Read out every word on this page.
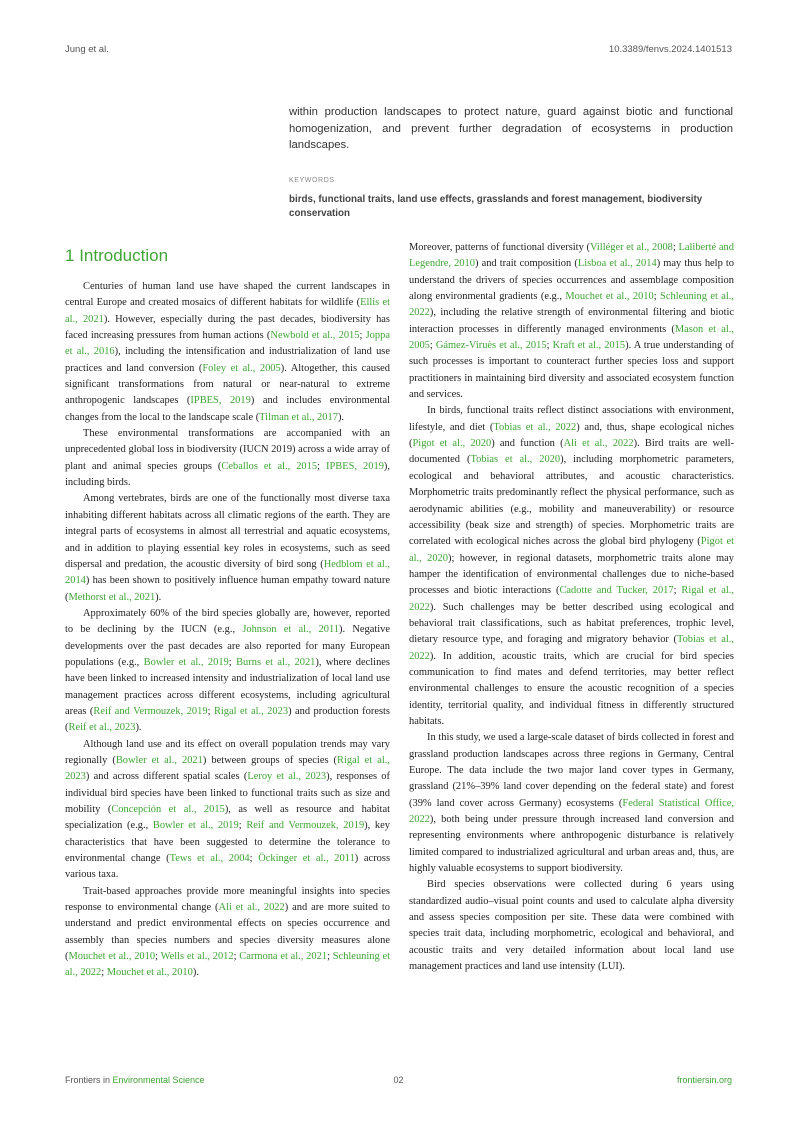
Jung et al.	10.3389/fenvs.2024.1401513
within production landscapes to protect nature, guard against biotic and functional homogenization, and prevent further degradation of ecosystems in production landscapes.
KEYWORDS
birds, functional traits, land use effects, grasslands and forest management, biodiversity conservation
1 Introduction

Centuries of human land use have shaped the current landscapes in central Europe and created mosaics of different habitats for wildlife (Ellis et al., 2021). However, especially during the past decades, biodiversity has faced increasing pressures from human actions (Newbold et al., 2015; Joppa et al., 2016), including the intensification and industrialization of land use practices and land conversion (Foley et al., 2005). Altogether, this caused significant transformations from natural or near-natural to extreme anthropogenic landscapes (IPBES, 2019) and includes environmental changes from the local to the landscape scale (Tilman et al., 2017).

These environmental transformations are accompanied with an unprecedented global loss in biodiversity (IUCN 2019) across a wide array of plant and animal species groups (Ceballos et al., 2015; IPBES, 2019), including birds.

Among vertebrates, birds are one of the functionally most diverse taxa inhabiting different habitats across all climatic regions of the earth. They are integral parts of ecosystems in almost all terrestrial and aquatic ecosystems, and in addition to playing essential key roles in ecosystems, such as seed dispersal and predation, the acoustic diversity of bird song (Hedblom et al., 2014) has been shown to positively influence human empathy toward nature (Methorst et al., 2021).

Approximately 60% of the bird species globally are, however, reported to be declining by the IUCN (e.g., Johnson et al., 2011). Negative developments over the past decades are also reported for many European populations (e.g., Bowler et al., 2019; Burns et al., 2021), where declines have been linked to increased intensity and industrialization of local land use management practices across different ecosystems, including agricultural areas (Reif and Vermouzek, 2019; Rigal et al., 2023) and production forests (Reif et al., 2023).

Although land use and its effect on overall population trends may vary regionally (Bowler et al., 2021) between groups of species (Rigal et al., 2023) and across different spatial scales (Leroy et al., 2023), responses of individual bird species have been linked to functional traits such as size and mobility (Concepción et al., 2015), as well as resource and habitat specialization (e.g., Bowler et al., 2019; Reif and Vermouzek, 2019), key characteristics that have been suggested to determine the tolerance to environmental change (Tews et al., 2004; Öckinger et al., 2011) across various taxa.

Trait-based approaches provide more meaningful insights into species response to environmental change (Ali et al., 2022) and are more suited to understand and predict environmental effects on species occurrence and assembly than species numbers and species diversity measures alone (Mouchet et al., 2010; Wells et al., 2012; Carmona et al., 2021; Schleuning et al., 2022; Mouchet et al., 2010).

Moreover, patterns of functional diversity (Villéger et al., 2008; Laliberté and Legendre, 2010) and trait composition (Lisboa et al., 2014) may thus help to understand the drivers of species occurrences and assemblage composition along environmental gradients (e.g., Mouchet et al., 2010; Schleuning et al., 2022), including the relative strength of environmental filtering and biotic interaction processes in differently managed environments (Mason et al., 2005; Gámez-Viruès et al., 2015; Kraft et al., 2015). A true understanding of such processes is important to counteract further species loss and support practitioners in maintaining bird diversity and associated ecosystem function and services.

In birds, functional traits reflect distinct associations with environment, lifestyle, and diet (Tobias et al., 2022) and, thus, shape ecological niches (Pigot et al., 2020) and function (Ali et al., 2022). Bird traits are well-documented (Tobias et al., 2020), including morphometric parameters, ecological and behavioral attributes, and acoustic characteristics. Morphometric traits predominantly reflect the physical performance, such as aerodynamic abilities (e.g., mobility and maneuverability) or resource accessibility (beak size and strength) of species. Morphometric traits are correlated with ecological niches across the global bird phylogeny (Pigot et al., 2020); however, in regional datasets, morphometric traits alone may hamper the identification of environmental challenges due to niche-based processes and biotic interactions (Cadotte and Tucker, 2017; Rigal et al., 2022). Such challenges may be better described using ecological and behavioral trait classifications, such as habitat preferences, trophic level, dietary resource type, and foraging and migratory behavior (Tobias et al., 2022). In addition, acoustic traits, which are crucial for bird species communication to find mates and defend territories, may better reflect environmental challenges to ensure the acoustic recognition of a species identity, territorial quality, and individual fitness in differently structured habitats.

In this study, we used a large-scale dataset of birds collected in forest and grassland production landscapes across three regions in Germany, Central Europe. The data include the two major land cover types in Germany, grassland (21%–39% land cover depending on the federal state) and forest (39% land cover across Germany) ecosystems (Federal Statistical Office, 2022), both being under pressure through increased land conversion and representing environments where anthropogenic disturbance is relatively limited compared to industrialized agricultural and urban areas and, thus, are highly valuable ecosystems to support biodiversity.

Bird species observations were collected during 6 years using standardized audio–visual point counts and used to calculate alpha diversity and assess species composition per site. These data were combined with species trait data, including morphometric, ecological and behavioral, and acoustic traits and very detailed information about local land use management practices and land use intensity (LUI).

Frontiers in Environmental Science	02	frontiersin.org
